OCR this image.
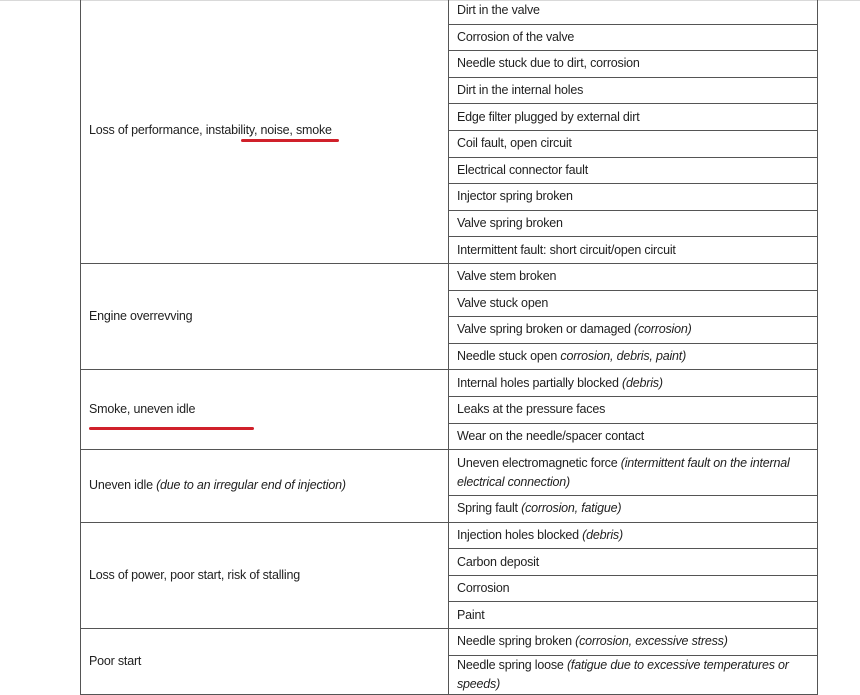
Loss of performance, instability, noise, smoke	Dirt in the valve
	Corrosion of the valve
	Needle stuck due to dirt, corrosion
	Dirt in the internal holes
	Edge filter plugged by external dirt
	Coil fault, open circuit
	Electrical connector fault
	Injector spring broken
	Valve spring broken
	Intermittent fault: short circuit/open circuit
Engine overrevving	Valve stem broken
	Valve stuck open
	Valve spring broken or damaged (corrosion)
	Needle stuck open corrosion, debris, paint)
Smoke, uneven idle	Internal holes partially blocked (debris)
	Leaks at the pressure faces
	Wear on the needle/spacer contact
Uneven idle (due to an irregular end of injection)	Uneven electromagnetic force (intermittent fault on the internal electrical connection)
	Spring fault (corrosion, fatigue)
Loss of power, poor start, risk of stalling	Injection holes blocked (debris)
	Carbon deposit
	Corrosion
	Paint
Poor start	Needle spring broken (corrosion, excessive stress)
	Needle spring loose (fatigue due to excessive temperatures or speeds)
